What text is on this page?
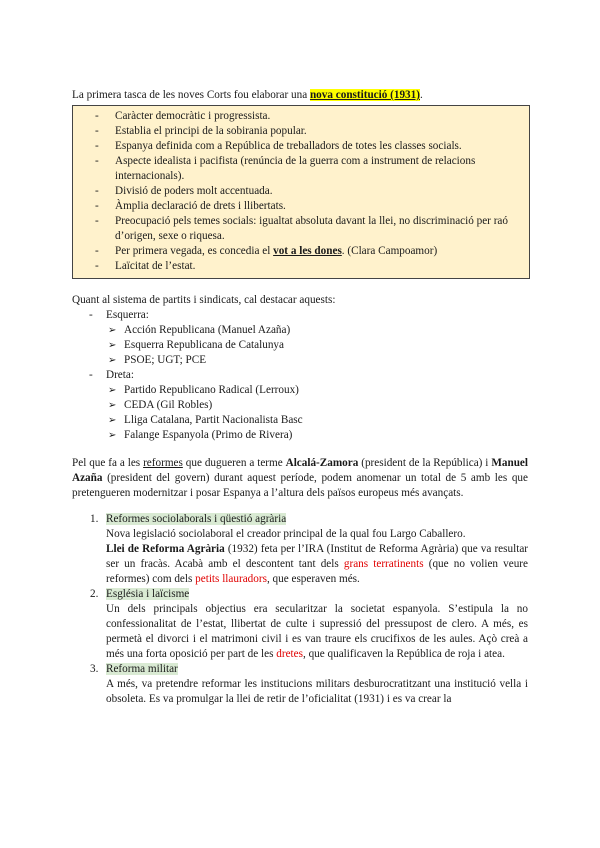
La primera tasca de les noves Corts fou elaborar una nova constitució (1931).

- Caràcter democràtic i progressista.
- Establia el principi de la sobirania popular.
- Espanya definida com a República de treballadors de totes les classes socials.
- Aspecte idealista i pacifista (renúncia de la guerra com a instrument de relacions internacionals).
- Divisió de poders molt accentuada.
- Àmplia declaració de drets i llibertats.
- Preocupació pels temes socials: igualtat absoluta davant la llei, no discriminació per raó d’origen, sexe o riquesa.
- Per primera vegada, es concedia el vot a les dones. (Clara Campoamor)
- Laïcitat de l’estat.

Quant al sistema de partits i sindicats, cal destacar aquests:

- Esquerra:
➢ Acción Republicana (Manuel Azaña)
➢ Esquerra Republicana de Catalunya
➢ PSOE; UGT; PCE
- Dreta:
➢ Partido Republicano Radical (Lerroux)
➢ CEDA (Gil Robles)
➢ Lliga Catalana, Partit Nacionalista Basc
➢ Falange Espanyola (Primo de Rivera)

Pel que fa a les reformes que dugueren a terme Alcalá-Zamora (president de la República) i Manuel Azaña (president del govern) durant aquest període, podem anomenar un total de 5 amb les que pretengueren modernitzar i posar Espanya a l’altura dels països europeus més avançats.

1. Reformes sociolaborals i qüestió agrària
Nova legislació sociolaboral el creador principal de la qual fou Largo Caballero.
Llei de Reforma Agrària (1932) feta per l’IRA (Institut de Reforma Agrària) que va resultar ser un fracàs. Acabà amb el descontent tant dels grans terratinents (que no volien veure reformes) com dels petits llauradors, que esperaven més.
2. Església i laïcisme
Un dels principals objectius era secularitzar la societat espanyola. S’estipula la no confessionalitat de l’estat, llibertat de culte i supressió del pressupost de clero. A més, es permetà el divorci i el matrimoni civil i es van traure els crucifixos de les aules. Açò creà a més una forta oposició per part de les dretes, que qualificaven la República de roja i atea.
3. Reforma militar
A més, va pretendre reformar les institucions militars desburocratitzant una institució vella i obsoleta. Es va promulgar la llei de retir de l’oficialitat (1931) i es va crear la
